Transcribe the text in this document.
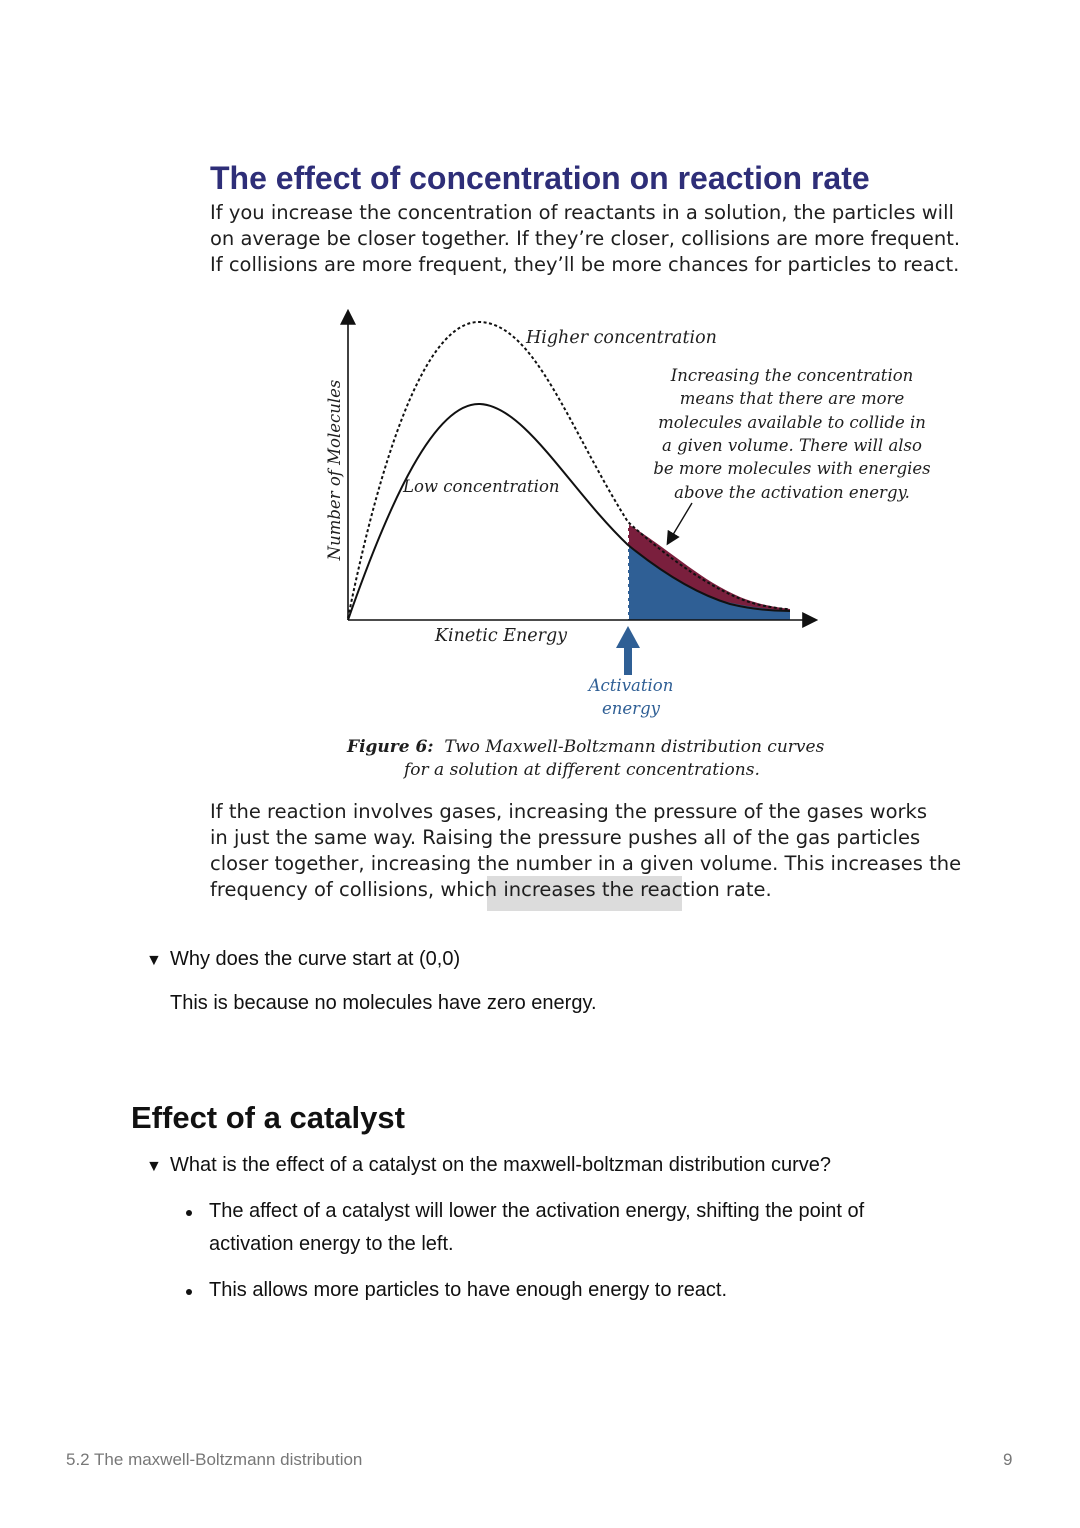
The effect of concentration on reaction rate
If you increase the concentration of reactants in a solution, the particles will
on average be closer together. If they’re closer, collisions are more frequent.
If collisions are more frequent, they’ll be more chances for particles to react.
Number of Molecules
Kinetic Energy
Higher concentration
Low concentration
Increasing the concentration
means that there are more
molecules available to collide in
a given volume. There will also
be more molecules with energies
above the activation energy.
Activation
energy
Figure 6: Two Maxwell-Boltzmann distribution curves
for a solution at different concentrations.
If the reaction involves gases, increasing the pressure of the gases works
in just the same way. Raising the pressure pushes all of the gas particles
closer together, increasing the number in a given volume. This increases the
frequency of collisions, which increases the reaction rate.
▼ Why does the curve start at (0,0)
This is because no molecules have zero energy.
Effect of a catalyst
▼ What is the effect of a catalyst on the maxwell-boltzman distribution curve?
The affect of a catalyst will lower the activation energy, shifting the point of
activation energy to the left.
This allows more particles to have enough energy to react.
5.2 The maxwell-Boltzmann distribution	9
